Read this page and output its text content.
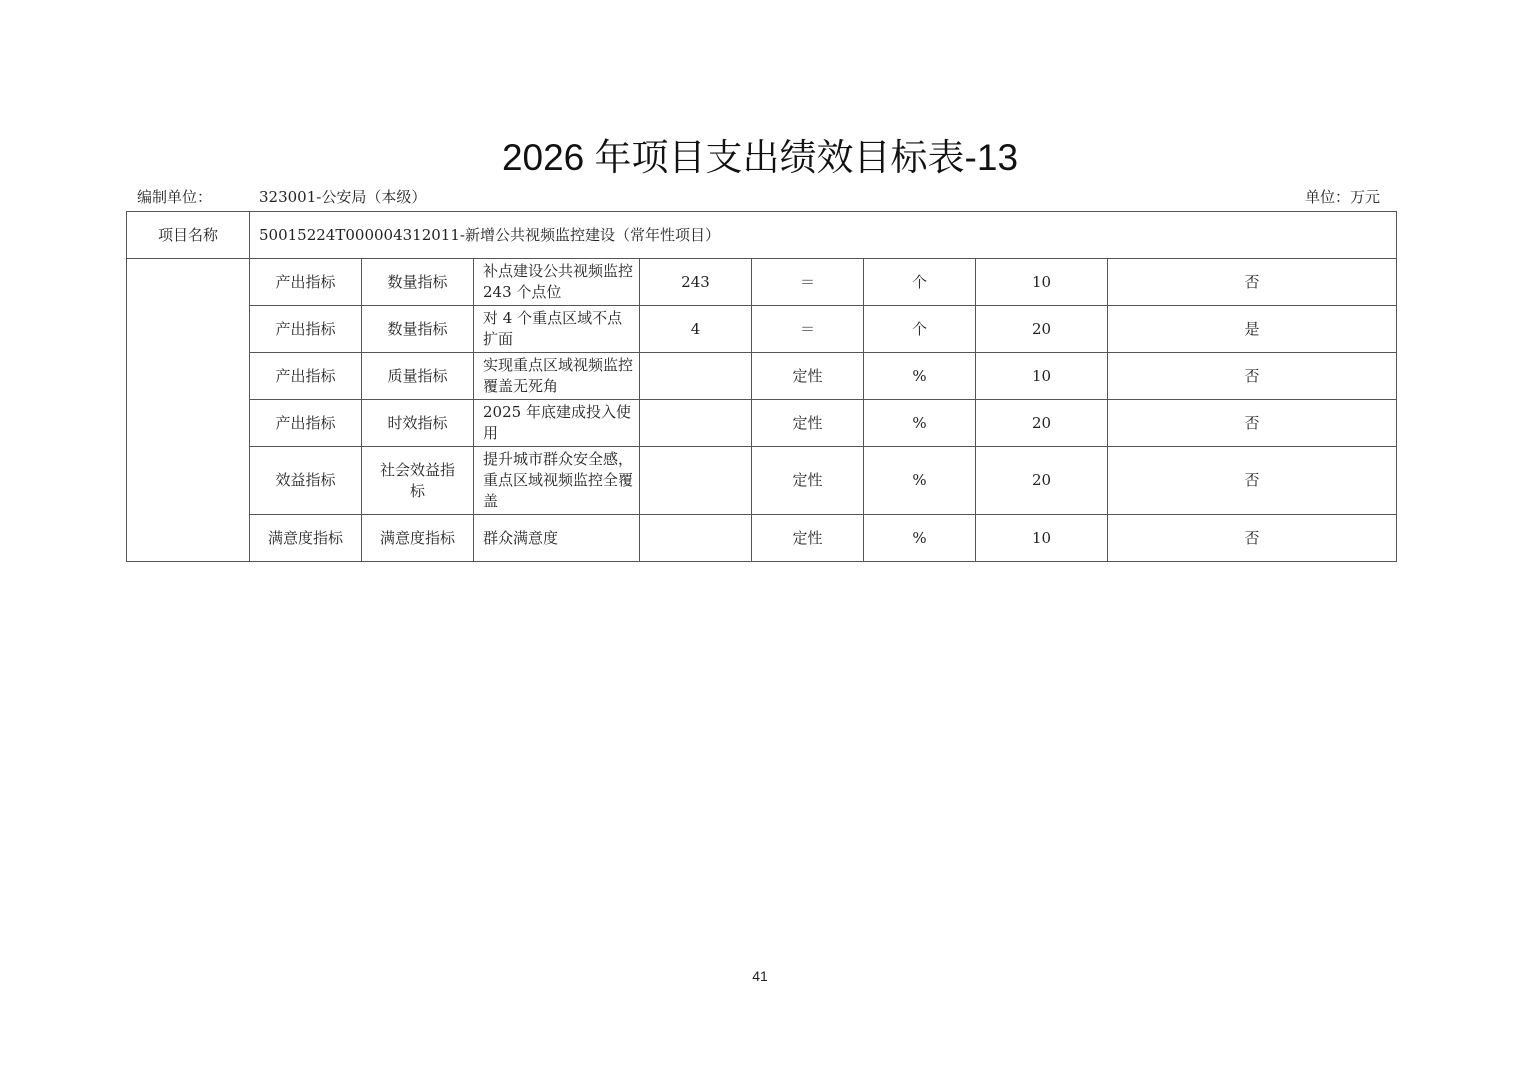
2026 年项目支出绩效目标表-13
编制单位：	323001-公安局（本级）	单位：万元
项目名称	50015224T000004312011-新增公共视频监控建设（常年性项目）							
	产出指标	数量指标	补点建设公共视频监控 243 个点位	243	＝	个	10	否
	产出指标	数量指标	对 4 个重点区域不点扩面	4	＝	个	20	是
	产出指标	质量指标	实现重点区域视频监控覆盖无死角		定性	%	10	否
	产出指标	时效指标	2025 年底建成投入使用		定性	%	20	否
	效益指标	社会效益指标	提升城市群众安全感，重点区域视频监控全覆盖		定性	%	20	否
	满意度指标	满意度指标	群众满意度		定性	%	10	否
41
